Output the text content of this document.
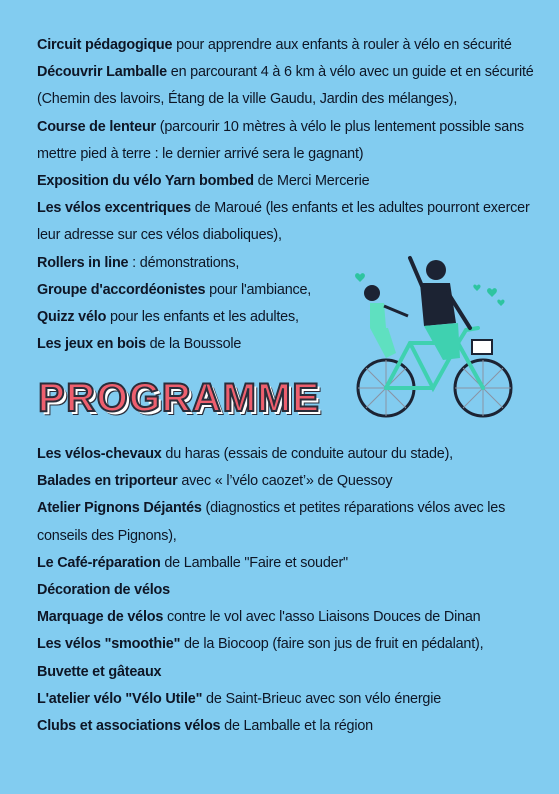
Circuit pédagogique pour apprendre aux enfants à rouler à vélo en sécurité
Découvrir Lamballe en parcourant 4 à 6 km à vélo avec un guide et en sécurité (Chemin des lavoirs, Étang de la ville Gaudu, Jardin des mélanges),
Course de lenteur (parcourir 10 mètres à vélo le plus lentement possible sans mettre pied à terre : le dernier arrivé sera le gagnant)
Exposition du vélo Yarn bombed de Merci Mercerie
Les vélos excentriques de Maroué (les enfants et les adultes pourront exercer leur adresse sur ces vélos diaboliques),
Rollers in line : démonstrations,
Groupe d'accordéonistes pour l'ambiance,
Quizz vélo pour les enfants et les adultes,
Les jeux en bois de la Boussole
PROGRAMME
Les vélos-chevaux du haras (essais de conduite autour du stade),
Balades en triporteur avec « l’vélo caozet’» de Quessoy
Atelier Pignons Déjantés (diagnostics et petites réparations vélos avec les conseils des Pignons),
Le Café-réparation de Lamballe "Faire et souder"
Décoration de vélos
Marquage de vélos contre le vol avec l'asso Liaisons Douces de Dinan
Les vélos "smoothie" de la Biocoop (faire son jus de fruit en pédalant),
Buvette et gâteaux
L'atelier vélo "Vélo Utile" de Saint-Brieuc avec son vélo énergie
Clubs et associations vélos de Lamballe et la région
